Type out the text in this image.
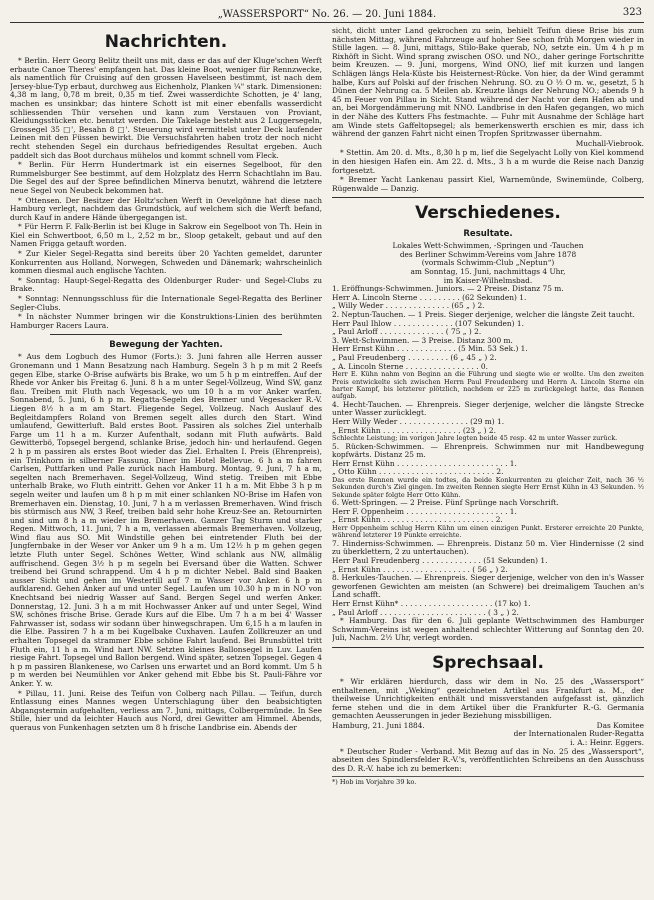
„WASSERSPORT“ No. 26. — 20. Juni 1884.	323
Nachrichten.

* Berlin. Herr Georg Belitz theilt uns mit, dass er das auf der Kluge'schen Werft erbaute Canoe Theres' empfangen hat. Das kleine Boot, weniger für Rennzwecke, als namentlich für Cruising auf den grossen Havelseen bestimmt, ist nach dem Jersey-blue-Typ erbaut, durchweg aus Eichenholz, Planken ¼" stark. Dimensionen: 4,38 m lang, 0,78 m breit, 0,35 m tief. Zwei wasserdichte Schotten, je 4' lang, machen es unsinkbar; das hintere Schott ist mit einer ebenfalls wasserdicht schliessenden Thür versehen und kann zum Verstauen von Proviant, Kleidungsstücken etc. benutzt werden. Die Takelage besteht aus 2 Luggersegeln, Grossegel 35 □', Besahn 8 □'. Steuerung wird vermittelst unter Deck laufender Leinen mit den Füssen bewirkt. Die Versuchsfahrten haben trotz der noch nicht recht stehenden Segel ein durchaus befriedigendes Resultat ergeben. Auch paddelt sich das Boot durchaus mühelos und kommt schnell vom Fleck.

* Berlin. Für Herrn Hundertmark ist ein eisernes Segelboot, für den Rummelsburger See bestimmt, auf dem Holzplatz des Herrn Schachtlahn im Bau. Die Segel des auf der Spree befindlichen Minerva benutzt, während die letztere neue Segel von Neubeck bekommen hat.

* Ottensen. Der Besitzer der Holtz'schen Werft in Oevelgönne hat diese nach Hamburg verlegt, nachdem das Grundstück, auf welchem sich die Werft befand, durch Kauf in andere Hände übergegangen ist.

* Für Herrn F. Falk-Berlin ist bei Kluge in Sakrow ein Segelboot von Th. Hein in Kiel ein Schwertboot, 6,50 m l., 2,52 m br., Sloop getakelt, gebaut und auf den Namen Frigga getauft worden.

* Zur Kieler Segel-Regatta sind bereits über 20 Yachten gemeldet, darunter Konkurrenten aus Holland, Norwegen, Schweden und Dänemark; wahrscheinlich kommen diesmal auch englische Yachten.

* Sonntag: Haupt-Segel-Regatta des Oldenburger Ruder- und Segel-Clubs zu Brake.

* Sonntag: Nennungsschluss für die Internationale Segel-Regatta des Berliner Segler-Clubs.

* In nächster Nummer bringen wir die Konstruktions-Linien des berühmten Hamburger Racers Laura.

Bewegung der Yachten.

* Aus dem Logbuch des Humor (Forts.): 3. Juni fahren alle Herren ausser Gronemann und 1 Mann Besatzung nach Hamburg. Segeln 3 h p m mit 2 Reefs gegen Elbe, starke O-Brise aufwärts bis Brake, wo um 5 h p m eintreffen. Auf der Rhede vor Anker bis Freitag 6. Juni. 8 h a m unter Segel-Vollzeug, Wind SW, ganz flau. Treiben mit Fluth nach Vegesack, wo um 10 h a m vor Anker warfen. Sonnabend, 5. Juni, 6 h p m. Regatta-Segeln des Bremer und Vegesacker R.-V. Liegen 8½ h a m am Start. Fliegende Segel, Vollzeug. Nach Auslauf des Begleitdampfers Roland von Bremen segelt alles durch den Start. Wind umlaufend, Gewitterluft. Bald erstes Boot. Passiren als solches Ziel unterhalb Farge um 11 h a m. Kurzer Aufenthalt, sodann mit Fluth aufwärts. Bald Gewitterbö, Topsegel bergend, schlanke Brise, jedoch hin- und herlaufend. Gegen 2 h p m passiren als erstes Boot wieder das Ziel. Erhalten I. Preis (Ehrenpreis), ein Trinkhorn in silberner Fassung. Diner im Hotel Bellevue. 6 h a m fahren Carlsen, Puttfarken und Palle zurück nach Hamburg. Montag, 9. Juni, 7 h a m, segelten nach Bremerhaven. Segel-Vollzeug, Wind stetig. Treiben mit Ebbe unterhalb Brake, wo Fluth eintritt. Gehen vor Anker 11 h a m. Mit Ebbe 3 h p m segeln weiter und laufen um 8 h p m mit einer schlanken NO-Brise im Hafen von Bremerhaven ein. Dienstag, 10. Juni, 7 h a m verlassen Bremerhaven. Wind frisch bis stürmisch aus NW, 3 Reef, treiben bald sehr hohe Kreuz-See an. Retournirten und sind um 8 h a m wieder im Bremerhaven. Ganzer Tag Sturm und starker Regen. Mittwoch, 11. Juni, 7 h a m, verlassen abermals Bremerhaven. Vollzeug, Wind flau aus SO. Mit Windstille gehen bei eintretender Fluth bei der Jungfernbake in der Weser vor Anker um 9 h a m. Um 12½ h p m gehen gegen letzte Fluth unter Segel. Schönes Wetter, Wind schlank aus NW, allmälig auffrischend. Gegen 3½ h p m segeln bei Eversand über die Watten. Schwer treibend bei Grund schrappend. Um 4 h p m dichter Nebel. Bald sind Baaken ausser Sicht und gehen im Westertill auf 7 m Wasser vor Anker. 6 h p m aufklarend. Gehen Anker auf und unter Segel. Laufen um 10.30 h p m in NO von Knechtsand bei niedrig Wasser auf Sand. Bergen Segel und werfen Anker. Donnerstag, 12. Juni. 3 h a m mit Hochwasser Anker auf und unter Segel, Wind SW, schönes frische Brise. Gerade Kurs auf die Elbe. Um 7 h a m bei 4' Wasser Fahrwasser ist, sodass wir sodann über hinwegschrapen. Um 6,15 h a m laufen in die Elbe. Passiren 7 h a m bei Kugelbake Cuxhaven. Laufen Zollkreuzer an und erhalten Topsegel da strammer Ebbe schöne Fahrt laufend. Bei Brunsbüttel tritt Fluth ein, 11 h a m. Wind hart NW. Setzten kleines Ballonsegel in Luv. Laufen riesige Fahrt. Topsegel und Ballon bergend. Wind später, setzen Topsegel. Gegen 4 h p m passiren Blankenese, wo Carlsen uns erwartet und an Bord kommt. Um 5 h p m werden bei Neumühlen vor Anker gehend mit Ebbe bis St. Pauli-Fähre vor Anker. Y. w.

* Pillau, 11. Juni. Reise des Teifun von Colberg nach Pillau. — Teifun, durch Entlassung eines Mannes wegen Unterschlagung über den beabsichtigten Abgangstermin aufgehalten, verliess am 7. Juni, mittags, Colbergermünde. In See Stille, hier und da leichter Hauch aus Nord, drei Gewitter am Himmel. Abends, queraus von Funkenhagen setzten um 8 h frische Landbrise ein. Abends der

sicht, dicht unter Land gekrochen zu sein, behielt Teifun diese Brise bis zum nächsten Mittag, während Fahrzeuge auf hoher See schon früh Morgen wieder in Stille lagen. — 8. Juni, mittags, Stilo-Bake querab, NO, setzte ein. Um 4 h p m Rixhöft in Sicht. Wind sprang zwischen OSO. und NO., daher geringe Fortschritte beim Kreuzen. — 9. Juni, morgens, Wind ONO, lief mit kurzen und langen Schlägen längs Hela-Küste bis Heisternest-Rücke. Von hier, da der Wind gerammt halbe, Kurs auf Polski auf der frischen Nehrung. SO. zu O ½ O m. w., gesetzt, 5 h Dünen der Nehrung ca. 5 Meilen ab. Kreuzte längs der Nehrung NO.; abends 9 h 45 m Feuer von Pillau in Sicht. Stand während der Nacht vor dem Hafen ab und an, bei Morgendämmerung mit NNO. Landbrise in den Hafen gegangen, wo mich in der Nähe des Kutters Fhs festmachte. — Fuhr mit Ausnahme der Schläge hart am Winde stets Gaffeltopsegel; als bemerkenswerth erschien es mir, dass ich während der ganzen Fahrt nicht einen Tropfen Spritzwasser übernahm.

Muchall-Viebrook.

* Stettin. Am 20. d. Mts., 8,30 h p m, lief die Segelyacht Lolly von Kiel kommend in den hiesigen Hafen ein. Am 22. d. Mts., 3 h a m wurde die Reise nach Danzig fortgesetzt.

* Bremer Yacht Lankenau passirt Kiel, Warnemünde, Swinemünde, Colberg, Rügenwalde — Danzig.

Verschiedenes.
Resultate.
Lokales Wett-Schwimmen, -Springen und -Tauchen
des Berliner Schwimm-Vereins vom Jahre 1878
(vormals Schwimm-Club „Neptun“)
am Sonntag, 15. Juni, nachmittags 4 Uhr,
im Kaiser-Wilhelmsbad.

1. Eröffnungs-Schwimmen. Juniors. — 2 Preise. Distanz 75 m.

Herr A. Lincoln Sterne . . . . . . . . . (62 Sekunden) 1.

„ Willy Weder . . . . . . . . . . . . . . (65 „ ) 2.

2. Neptun-Tauchen. — 1 Preis. Sieger derjenige, welcher die längste Zeit taucht.

Herr Paul Ihlow . . . . . . . . . . . . . (107 Sekunden) 1.

„ Paul Arloff . . . . . . . . . . . . . . ( 75 „ ) 2.

3. Wett-Schwimmen. — 3 Preise. Distanz 300 m.

Herr Ernst Kühn . . . . . . . . . . . . . (5 Min. 53 Sek.) 1.

„ Paul Freudenberg . . . . . . . . . (6 „ 45 „ ) 2.

„ A. Lincoln Sterne . . . . . . . . . . . . . . . . 0.

Herr E. Kühn nahm von Beginn an die Führung und siegte wie er wollte. Um den zweiten Preis entwickelte sich zwischen Herrn Paul Freudenberg und Herrn A. Lincoln Sterne ein harter Kampf, bis letzterer plötzlich, nachdem er 225 m zurückgelegt hatte, das Rennen aufgab.

4. Hecht-Tauchen. — Ehrenpreis. Sieger derjenige, welcher die längste Strecke unter Wasser zurücklegt.

Herr Willy Weder . . . . . . . . . . . . . . . (29 m) 1.

„ Ernst Kühn . . . . . . . . . . . . . . . . . (23 „ ) 2.

Schlechte Leistung; im vorigen Jahre legten beide 45 resp. 42 m unter Wasser zurück.

5. Rücken-Schwimmen. — Ehrenpreis. Schwimmen nur mit Handbewegung kopfwärts. Distanz 25 m.

Herr Ernst Kühn . . . . . . . . . . . . . . . . . . . . . . . . 1.

„ Otto Kühn . . . . . . . . . . . . . . . . . . . . . . . . . 2.

Das erste Rennen wurde ein todtes, da beide Konkurrenten zu gleicher Zeit, nach 36 ½ Sekunden durch's Ziel gingen. Im zweiten Rennen siegte Herr Ernst Kühn in 43 Sekunden. ½ Sekunde später folgte Herr Otto Kühn.

6. Wett-Springen. — 2 Preise. Fünf Sprünge nach Vorschrift.

Herr F. Oppenheim . . . . . . . . . . . . . . . . . . . . . . 1.

„ Ernst Kühn . . . . . . . . . . . . . . . . . . . . . . . . 2.

Herr Oppenheim schlug Herrn Kühn um einen einzigen Punkt. Ersterer erreichte 20 Punkte, während letzterer 19 Punkte erreichte.

7. Hinderniss-Schwimmen. — Ehrenpreis. Distanz 50 m. Vier Hindernisse (2 sind zu überklettern, 2 zu untertauchen).

Herr Paul Freudenberg . . . . . . . . . . . . . (51 Sekunden) 1.

„ Ernst Kühn . . . . . . . . . . . . . . . . . . . ( 56 „ ) 2.

8. Herkules-Tauchen. — Ehrenpreis. Sieger derjenige, welcher von den in's Wasser geworfenen Gewichten am meisten (an Schwere) bei dreimaligem Tauchen an's Land schafft.

Herr Ernst Kühn* . . . . . . . . . . . . . . . . . . . . (17 ko) 1.

„ Paul Arloff . . . . . . . . . . . . . . . . . . . . . . . ( 3 „ ) 2.

* Hamburg. Das für den 6. Juli geplante Wettschwimmen des Hamburger Schwimm-Vereins ist wegen anhaltend schlechter Witterung auf Sonntag den 20. Juli, Nachm. 2½ Uhr, verlegt worden.

Sprechsaal.

* Wir erklären hierdurch, dass wir dem in No. 25 des „Wassersport“ enthaltenen, mit „Weking“ gezeichneten Artikel aus Frankfurt a. M., der theilweise Unrichtigkeiten enthält und missverstanden aufgefasst ist, gänzlich ferne stehen und die in dem Artikel über die Frankfurter R.-G. Germania gemachten Aeusserungen in jeder Beziehung missbilligen.

Hamburg, 21. Juni 1884.	Das Komitee
der Internationalen Ruder-Regatta
i. A.: Heinr. Eggers.

* Deutscher Ruder - Verband. Mit Bezug auf das in No. 25 des „Wassersport“, abseiten des Spindlersfelder R.-V.'s, veröffentlichten Schreibens an den Ausschuss des D. R.-V. habe ich zu bemerken:

*) Hob im Vorjahre 39 ko.
